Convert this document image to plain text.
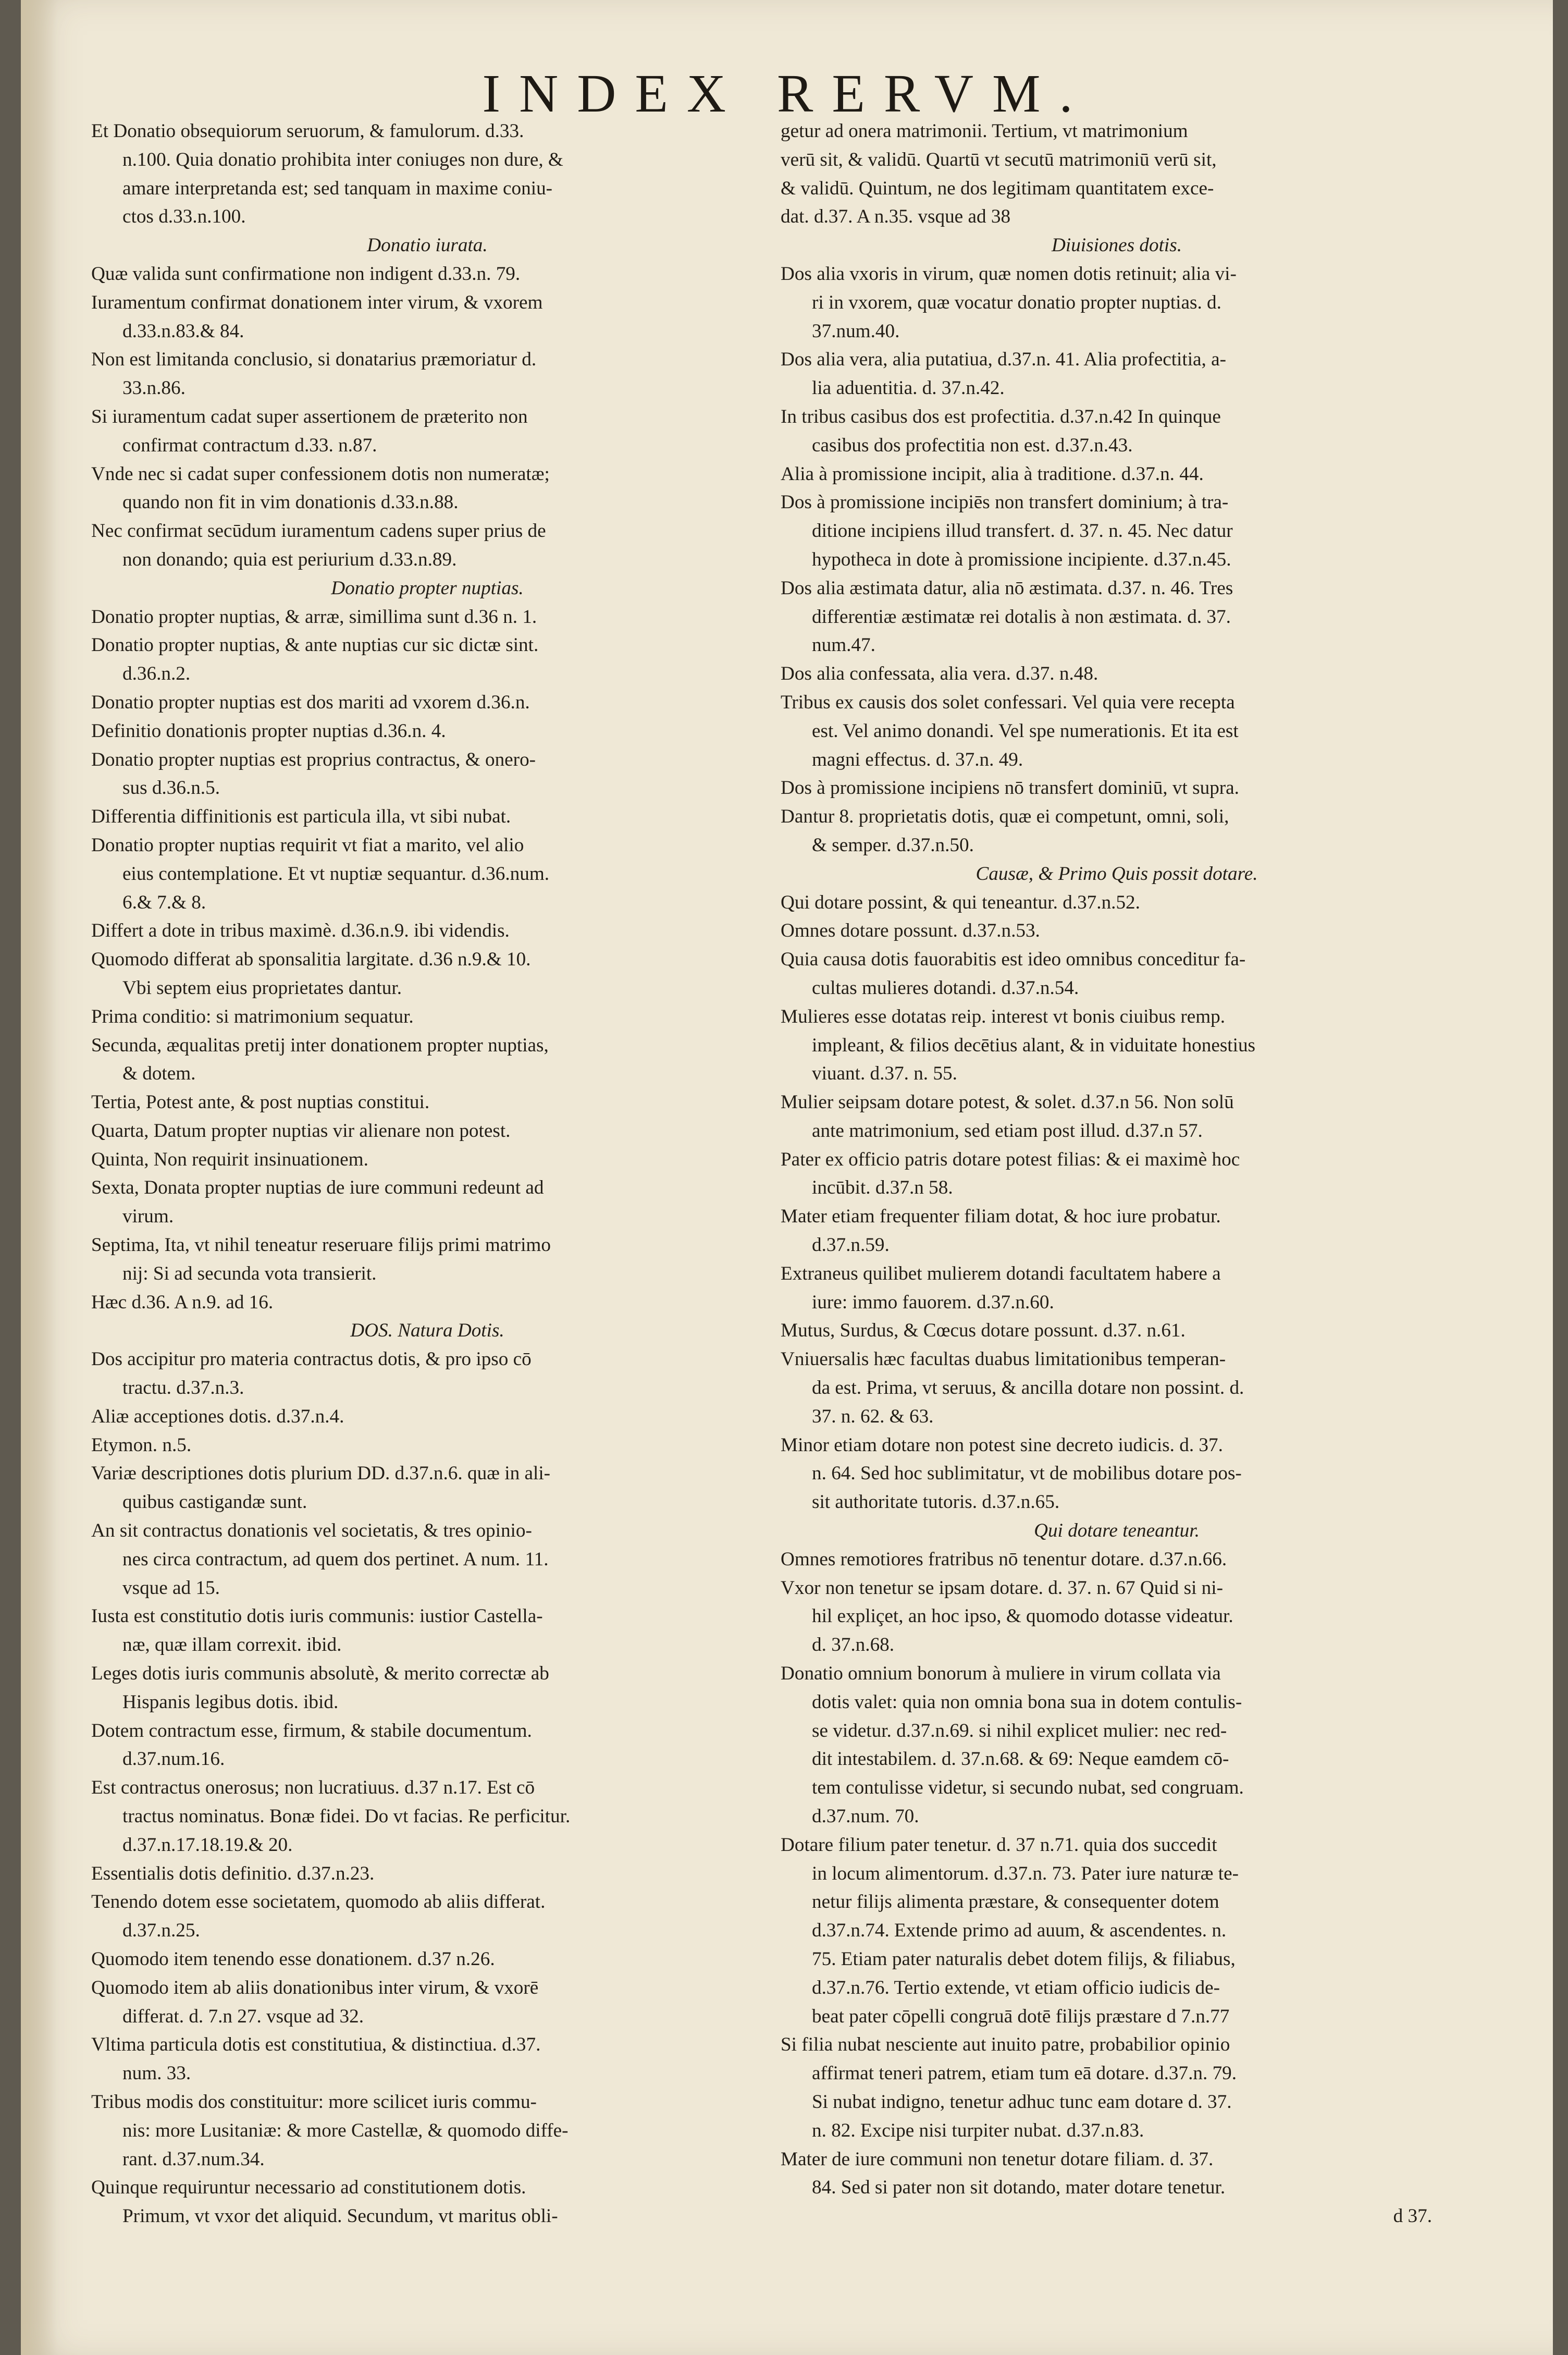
INDEX RERVM.
Et Donatio obsequiorum seruorum, & famulorum. d.33.
n.100. Quia donatio prohibita inter coniuges non dure, &
amare interpretanda est; sed tanquam in maxime coniu-
ctos d.33.n.100.
Donatio iurata.
Quæ valida sunt confirmatione non indigent d.33.n. 79.
Iuramentum confirmat donationem inter virum, & vxorem
d.33.n.83.& 84.
Non est limitanda conclusio, si donatarius præmoriatur d.
33.n.86.
Si iuramentum cadat super assertionem de præterito non
confirmat contractum d.33. n.87.
Vnde nec si cadat super confessionem dotis non numeratæ;
quando non fit in vim donationis d.33.n.88.
Nec confirmat secūdum iuramentum cadens super prius de
non donando; quia est periurium d.33.n.89.
Donatio propter nuptias.
Donatio propter nuptias, & arræ, simillima sunt d.36 n. 1.
Donatio propter nuptias, & ante nuptias cur sic dictæ sint.
d.36.n.2.
Donatio propter nuptias est dos mariti ad vxorem d.36.n.
Definitio donationis propter nuptias d.36.n. 4.
Donatio propter nuptias est proprius contractus, & onero-
sus d.36.n.5.
Differentia diffinitionis est particula illa, vt sibi nubat.
Donatio propter nuptias requirit vt fiat a marito, vel alio
eius contemplatione. Et vt nuptiæ sequantur. d.36.num.
6.& 7.& 8.
Differt a dote in tribus maximè. d.36.n.9. ibi videndis.
Quomodo differat ab sponsalitia largitate. d.36 n.9.& 10.
Vbi septem eius proprietates dantur.
Prima conditio: si matrimonium sequatur.
Secunda, æqualitas pretij inter donationem propter nuptias,
& dotem.
Tertia, Potest ante, & post nuptias constitui.
Quarta, Datum propter nuptias vir alienare non potest.
Quinta, Non requirit insinuationem.
Sexta, Donata propter nuptias de iure communi redeunt ad
virum.
Septima, Ita, vt nihil teneatur reseruare filijs primi matrimo
nij: Si ad secunda vota transierit.
Hæc d.36. A n.9. ad 16.
DOS. Natura Dotis.
Dos accipitur pro materia contractus dotis, & pro ipso cō
tractu. d.37.n.3.
Aliæ acceptiones dotis. d.37.n.4.
Etymon. n.5.
Variæ descriptiones dotis plurium DD. d.37.n.6. quæ in ali-
quibus castigandæ sunt.
An sit contractus donationis vel societatis, & tres opinio-
nes circa contractum, ad quem dos pertinet. A num. 11.
vsque ad 15.
Iusta est constitutio dotis iuris communis: iustior Castella-
næ, quæ illam correxit. ibid.
Leges dotis iuris communis absolutè, & merito correctæ ab
Hispanis legibus dotis. ibid.
Dotem contractum esse, firmum, & stabile documentum.
d.37.num.16.
Est contractus onerosus; non lucratiuus. d.37 n.17. Est cō
tractus nominatus. Bonæ fidei. Do vt facias. Re perficitur.
d.37.n.17.18.19.& 20.
Essentialis dotis definitio. d.37.n.23.
Tenendo dotem esse societatem, quomodo ab aliis differat.
d.37.n.25.
Quomodo item tenendo esse donationem. d.37 n.26.
Quomodo item ab aliis donationibus inter virum, & vxorē
differat. d. 7.n 27. vsque ad 32.
Vltima particula dotis est constitutiua, & distinctiua. d.37.
num. 33.
Tribus modis dos constituitur: more scilicet iuris commu-
nis: more Lusitaniæ: & more Castellæ, & quomodo diffe-
rant. d.37.num.34.
Quinque requiruntur necessario ad constitutionem dotis.
Primum, vt vxor det aliquid. Secundum, vt maritus obli-
getur ad onera matrimonii. Tertium, vt matrimonium
verū sit, & validū. Quartū vt secutū matrimoniū verū sit,
& validū. Quintum, ne dos legitimam quantitatem exce-
dat. d.37. A n.35. vsque ad 38
Diuisiones dotis.
Dos alia vxoris in virum, quæ nomen dotis retinuit; alia vi-
ri in vxorem, quæ vocatur donatio propter nuptias. d.
37.num.40.
Dos alia vera, alia putatiua, d.37.n. 41. Alia profectitia, a-
lia aduentitia. d. 37.n.42.
In tribus casibus dos est profectitia. d.37.n.42 In quinque
casibus dos profectitia non est. d.37.n.43.
Alia à promissione incipit, alia à traditione. d.37.n. 44.
Dos à promissione incipiēs non transfert dominium; à tra-
ditione incipiens illud transfert. d. 37. n. 45. Nec datur
hypotheca in dote à promissione incipiente. d.37.n.45.
Dos alia æstimata datur, alia nō æstimata. d.37. n. 46. Tres
differentiæ æstimatæ rei dotalis à non æstimata. d. 37.
num.47.
Dos alia confessata, alia vera. d.37. n.48.
Tribus ex causis dos solet confessari. Vel quia vere recepta
est. Vel animo donandi. Vel spe numerationis. Et ita est
magni effectus. d. 37.n. 49.
Dos à promissione incipiens nō transfert dominiū, vt supra.
Dantur 8. proprietatis dotis, quæ ei competunt, omni, soli,
& semper. d.37.n.50.
Causæ, & Primo Quis possit dotare.
Qui dotare possint, & qui teneantur. d.37.n.52.
Omnes dotare possunt. d.37.n.53.
Quia causa dotis fauorabitis est ideo omnibus conceditur fa-
cultas mulieres dotandi. d.37.n.54.
Mulieres esse dotatas reip. interest vt bonis ciuibus remp.
impleant, & filios decētius alant, & in viduitate honestius
viuant. d.37. n. 55.
Mulier seipsam dotare potest, & solet. d.37.n 56. Non solū
ante matrimonium, sed etiam post illud. d.37.n 57.
Pater ex officio patris dotare potest filias: & ei maximè hoc
incūbit. d.37.n 58.
Mater etiam frequenter filiam dotat, & hoc iure probatur.
d.37.n.59.
Extraneus quilibet mulierem dotandi facultatem habere a
iure: immo fauorem. d.37.n.60.
Mutus, Surdus, & Cœcus dotare possunt. d.37. n.61.
Vniuersalis hæc facultas duabus limitationibus temperan-
da est. Prima, vt seruus, & ancilla dotare non possint. d.
37. n. 62. & 63.
Minor etiam dotare non potest sine decreto iudicis. d. 37.
n. 64. Sed hoc sublimitatur, vt de mobilibus dotare pos-
sit authoritate tutoris. d.37.n.65.
Qui dotare teneantur.
Omnes remotiores fratribus nō tenentur dotare. d.37.n.66.
Vxor non tenetur se ipsam dotare. d. 37. n. 67 Quid si ni-
hil expliçet, an hoc ipso, & quomodo dotasse videatur.
d. 37.n.68.
Donatio omnium bonorum à muliere in virum collata via
dotis valet: quia non omnia bona sua in dotem contulis-
se videtur. d.37.n.69. si nihil explicet mulier: nec red-
dit intestabilem. d. 37.n.68. & 69: Neque eamdem cō-
tem contulisse videtur, si secundo nubat, sed congruam.
d.37.num. 70.
Dotare filium pater tenetur. d. 37 n.71. quia dos succedit
in locum alimentorum. d.37.n. 73. Pater iure naturæ te-
netur filijs alimenta præstare, & consequenter dotem
d.37.n.74. Extende primo ad auum, & ascendentes. n.
75. Etiam pater naturalis debet dotem filijs, & filiabus,
d.37.n.76. Tertio extende, vt etiam officio iudicis de-
beat pater cōpelli congruā dotē filijs præstare d 7.n.77
Si filia nubat nesciente aut inuito patre, probabilior opinio
affirmat teneri patrem, etiam tum eā dotare. d.37.n. 79.
Si nubat indigno, tenetur adhuc tunc eam dotare d. 37.
n. 82. Excipe nisi turpiter nubat. d.37.n.83.
Mater de iure communi non tenetur dotare filiam. d. 37.
84. Sed si pater non sit dotando, mater dotare tenetur.
d 37.
